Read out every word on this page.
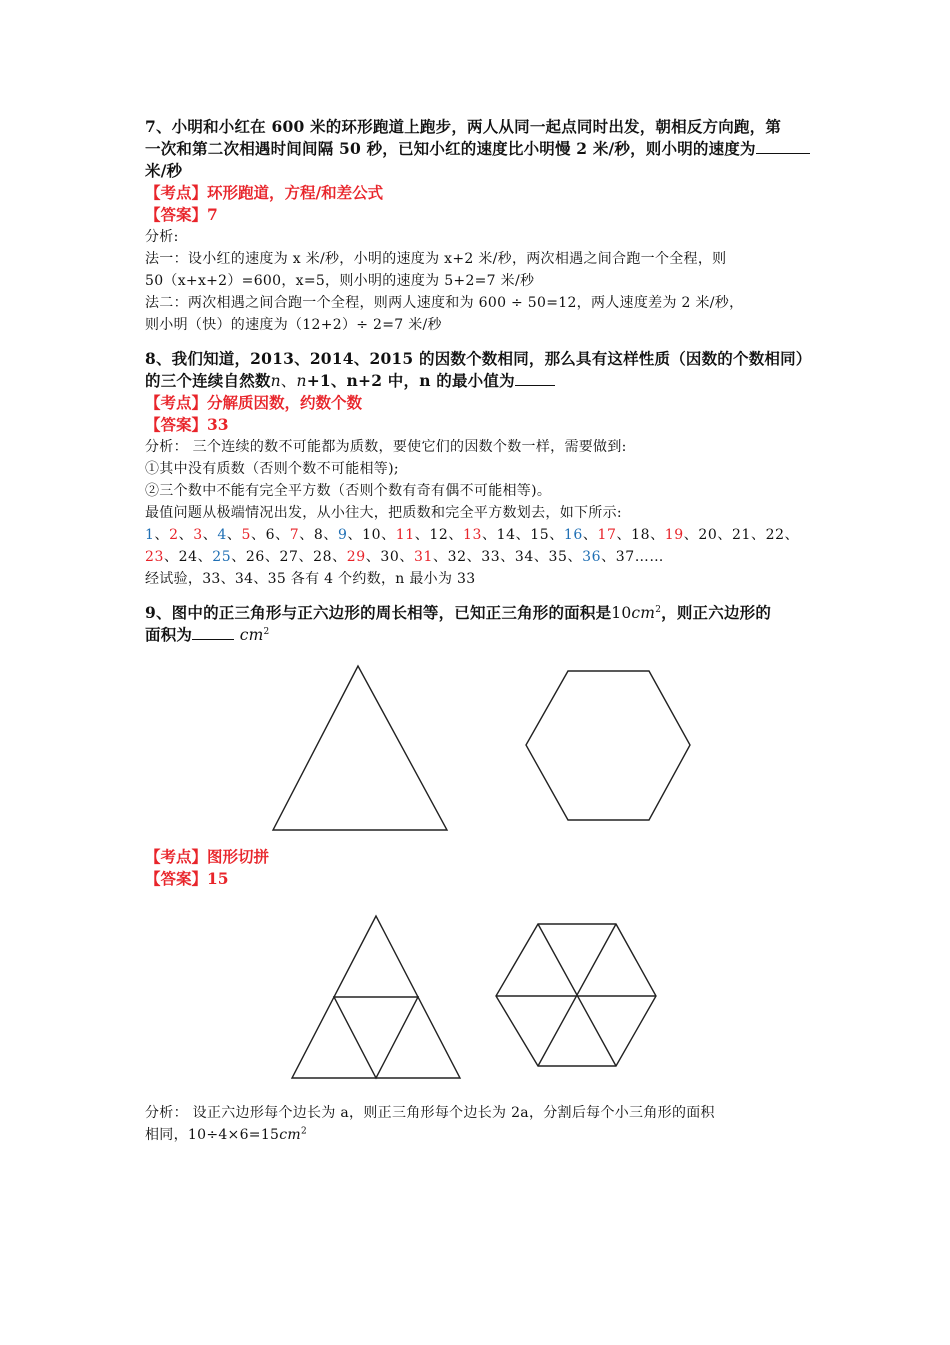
7、小明和小红在 600 米的环形跑道上跑步，两人从同一起点同时出发，朝相反方向跑，第

一次和第二次相遇时间间隔 50 秒，已知小红的速度比小明慢 2 米/秒，则小明的速度为

米/秒

【考点】环形跑道，方程/和差公式

【答案】7

分析:

法一：设小红的速度为 x 米/秒，小明的速度为 x+2 米/秒，两次相遇之间合跑一个全程，则

50（x+x+2）=600，x=5，则小明的速度为 5+2=7 米/秒

法二：两次相遇之间合跑一个全程，则两人速度和为 600 ÷ 50=12，两人速度差为 2 米/秒，

则小明（快）的速度为（12+2）÷ 2=7 米/秒

8、我们知道，2013、2014、2015 的因数个数相同，那么具有这样性质（因数的个数相同）

的三个连续自然数n、n+1、n+2 中，n 的最小值为

【考点】分解质因数，约数个数

【答案】33

分析： 三个连续的数不可能都为质数，要使它们的因数个数一样，需要做到:

①其中没有质数（否则个数不可能相等);

②三个数中不能有完全平方数（否则个数有奇有偶不可能相等)。

最值问题从极端情况出发，从小往大，把质数和完全平方数划去，如下所示:

1、2、3、4、5、6、7、8、9、10、11、12、13、14、15、16、17、18、19、20、21、22、
23、24、25、26、27、28、29、30、31、32、33、34、35、36、37……

经试验，33、34、35 各有 4 个约数，n 最小为 33

9、图中的正三角形与正六边形的周长相等，已知正三角形的面积是$10cm^2$，则正六边形的

面积为	$cm^2$

【考点】图形切拼

【答案】15

分析： 设正六边形每个边长为 a，则正三角形每个边长为 2a，分割后每个小三角形的面积

相同，$10\div 4\times 6=15cm^2$
